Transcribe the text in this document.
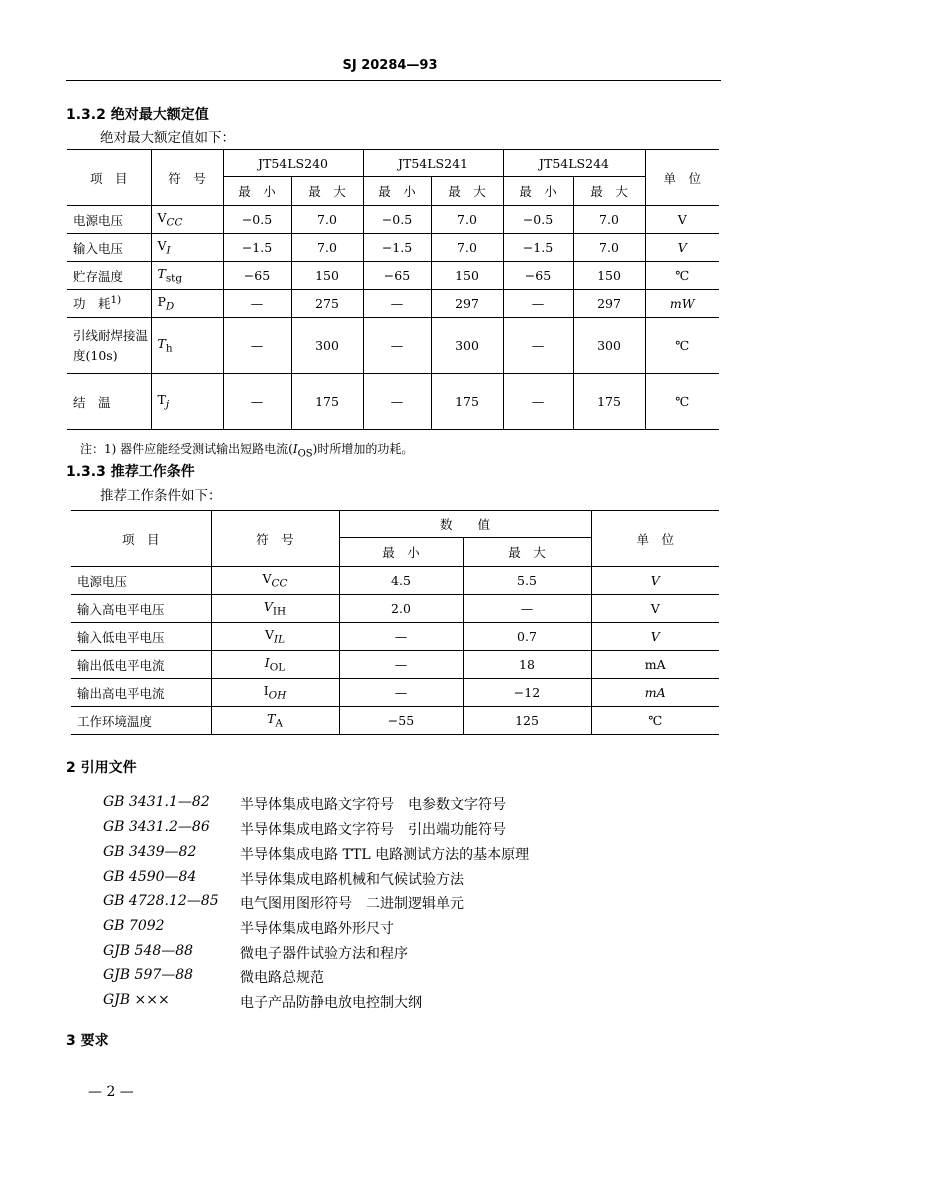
SJ 20284—93
1.3.2 绝对最大额定值
绝对最大额定值如下：
项　目	符　号	JT54LS240		JT54LS241		JT54LS244		单　位
		最　小	最　大	最　小	最　大	最　小	最　大	
电源电压	$V_{CC}$	−0.5	7.0	−0.5	7.0	−0.5	7.0	V
输入电压	$V_I$	−1.5	7.0	−1.5	7.0	−1.5	7.0	V
贮存温度	$T_{stg}$	−65	150	−65	150	−65	150	℃
功　耗$^{1)}$	$P_D$	—	275	—	297	—	297	mW
引线耐焊接温度(10s)	$T_h$	—	300	—	300	—	300	℃
结　温	$T_j$	—	175	—	175	—	175	℃
注：1) 器件应能经受测试输出短路电流$(I_{OS})$时所增加的功耗。
1.3.3 推荐工作条件
推荐工作条件如下：
项　目	符　号	数　　值		单　位
		最　小	最　大	
电源电压	$V_{CC}$	4.5	5.5	V
输入高电平电压	$V_{IH}$	2.0	—	V
输入低电平电压	$V_{IL}$	—	0.7	V
输出低电平电流	$I_{OL}$	—	18	mA
输出高电平电流	$I_{OH}$	—	−12	mA
工作环境温度	$T_A$	−55	125	℃
2 引用文件
GB 3431.1—82 半导体集成电路文字符号　电参数文字符号
GB 3431.2—86 半导体集成电路文字符号　引出端功能符号
GB 3439—82	半导体集成电路 TTL 电路测试方法的基本原理
GB 4590—84	半导体集成电路机械和气候试验方法
GB 4728.12—85 电气图用图形符号　二进制逻辑单元
GB 7092	半导体集成电路外形尺寸
GJB 548—88	微电子器件试验方法和程序
GJB 597—88	微电路总规范
GJB ×××	电子产品防静电放电控制大纲
3 要求
— 2 —
